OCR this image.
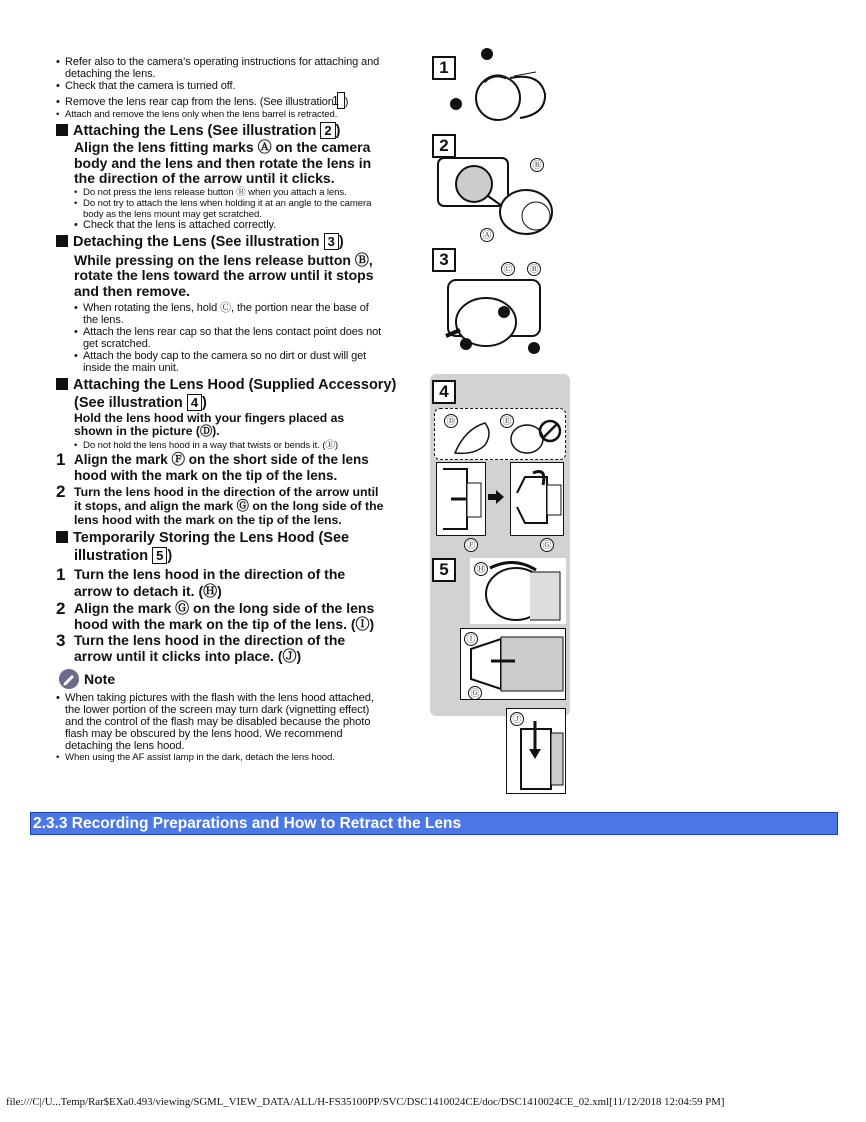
• Refer also to the camera’s operating instructions for attaching and detaching the lens.
• Check that the camera is turned off.
• Remove the lens rear cap from the lens. (See illustration 1 )
• Attach and remove the lens only when the lens barrel is retracted.
Attaching the Lens (See illustration 2 )
Align the lens fitting marks Ⓐ on the camera body and the lens and then rotate the lens in the direction of the arrow until it clicks.
• Do not press the lens release button Ⓑ when you attach a lens.
• Do not try to attach the lens when holding it at an angle to the camera body as the lens mount may get scratched.
• Check that the lens is attached correctly.
Detaching the Lens (See illustration 3 )
While pressing on the lens release button Ⓑ, rotate the lens toward the arrow until it stops and then remove.
• When rotating the lens, hold Ⓒ, the portion near the base of the lens.
• Attach the lens rear cap so that the lens contact point does not get scratched.
• Attach the body cap to the camera so no dirt or dust will get inside the main unit.
Attaching the Lens Hood (Supplied Accessory)
(See illustration 4 )
Hold the lens hood with your fingers placed as shown in the picture (Ⓓ).
• Do not hold the lens hood in a way that twists or bends it. (Ⓔ)
1 Align the mark Ⓕ on the short side of the lens hood with the mark on the tip of the lens.
2 Turn the lens hood in the direction of the arrow until it stops, and align the mark Ⓖ on the long side of the lens hood with the mark on the tip of the lens.
Temporarily Storing the Lens Hood (See
illustration 5 )
1 Turn the lens hood in the direction of the arrow to detach it. (Ⓗ)
2 Align the mark Ⓖ on the long side of the lens hood with the mark on the tip of the lens. (Ⓘ)
3 Turn the lens hood in the direction of the arrow until it clicks into place. (Ⓙ)
Note
• When taking pictures with the flash with the lens hood attached, the lower portion of the screen may turn dark (vignetting effect) and the control of the flash may be disabled because the photo flash may be obscured by the lens hood. We recommend detaching the lens hood.
• When using the AF assist lamp in the dark, detach the lens hood.
1
2
Ⓑ
Ⓐ
3	Ⓒ Ⓑ
4
Ⓓ	Ⓔ
Ⓕ	Ⓖ
5	Ⓗ
Ⓘ
Ⓖ
Ⓙ
2.3.3 Recording Preparations and How to Retract the Lens
file:///C|/U...Temp/Rar$EXa0.493/viewing/SGML_VIEW_DATA/ALL/H-FS35100PP/SVC/DSC1410024CE/doc/DSC1410024CE_02.xml[11/12/2018 12:04:59 PM]
